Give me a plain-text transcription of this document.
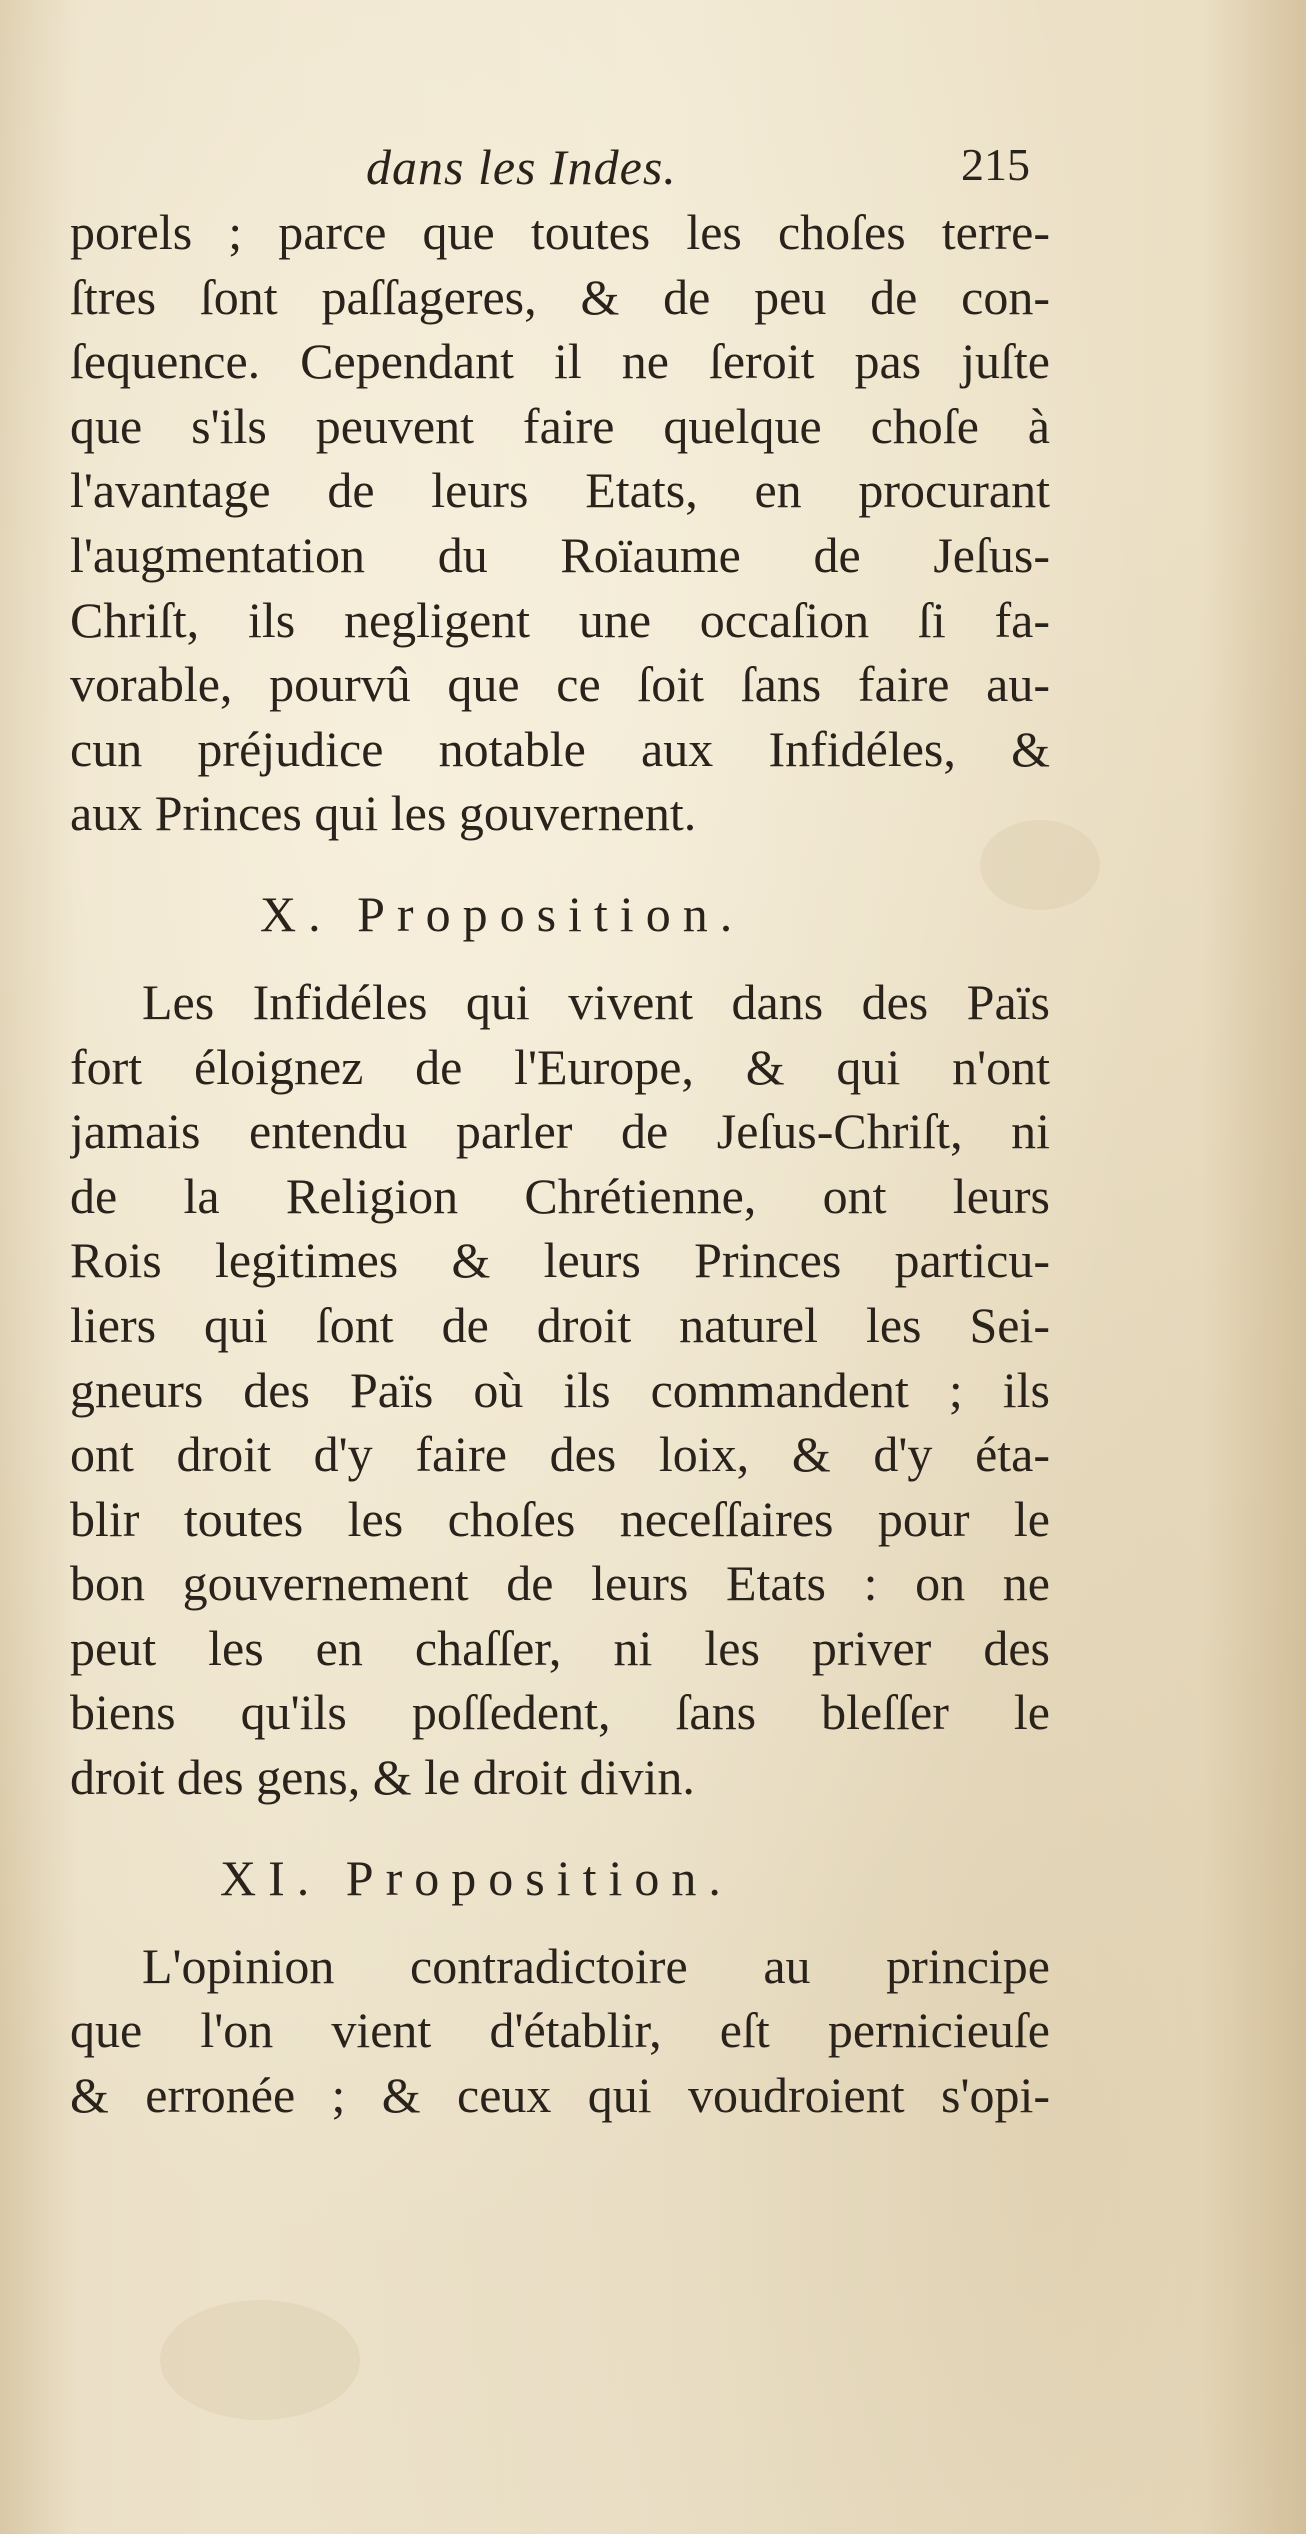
dans les Indes.	215
porels ; parce que toutes les choſes terre-
ſtres ſont paſſageres, & de peu de con-
ſequence. Cependant il ne ſeroit pas juſte
que s'ils peuvent faire quelque choſe à
l'avantage de leurs Etats, en procurant
l'augmentation du Roïaume de Jeſus-
Chriſt, ils negligent une occaſion ſi fa-
vorable, pourvû que ce ſoit ſans faire au-
cun préjudice notable aux Infidéles, &
aux Princes qui les gouvernent.
X. Proposition.
Les Infidéles qui vivent dans des Païs
fort éloignez de l'Europe, & qui n'ont
jamais entendu parler de Jeſus-Chriſt, ni
de la Religion Chrétienne, ont leurs
Rois legitimes & leurs Princes particu-
liers qui ſont de droit naturel les Sei-
gneurs des Païs où ils commandent ; ils
ont droit d'y faire des loix, & d'y éta-
blir toutes les choſes neceſſaires pour le
bon gouvernement de leurs Etats : on ne
peut les en chaſſer, ni les priver des
biens qu'ils poſſedent, ſans bleſſer le
droit des gens, & le droit divin.
XI. Proposition.
L'opinion contradictoire au principe
que l'on vient d'établir, eſt pernicieuſe
& erronée ; & ceux qui voudroient s'opi-
